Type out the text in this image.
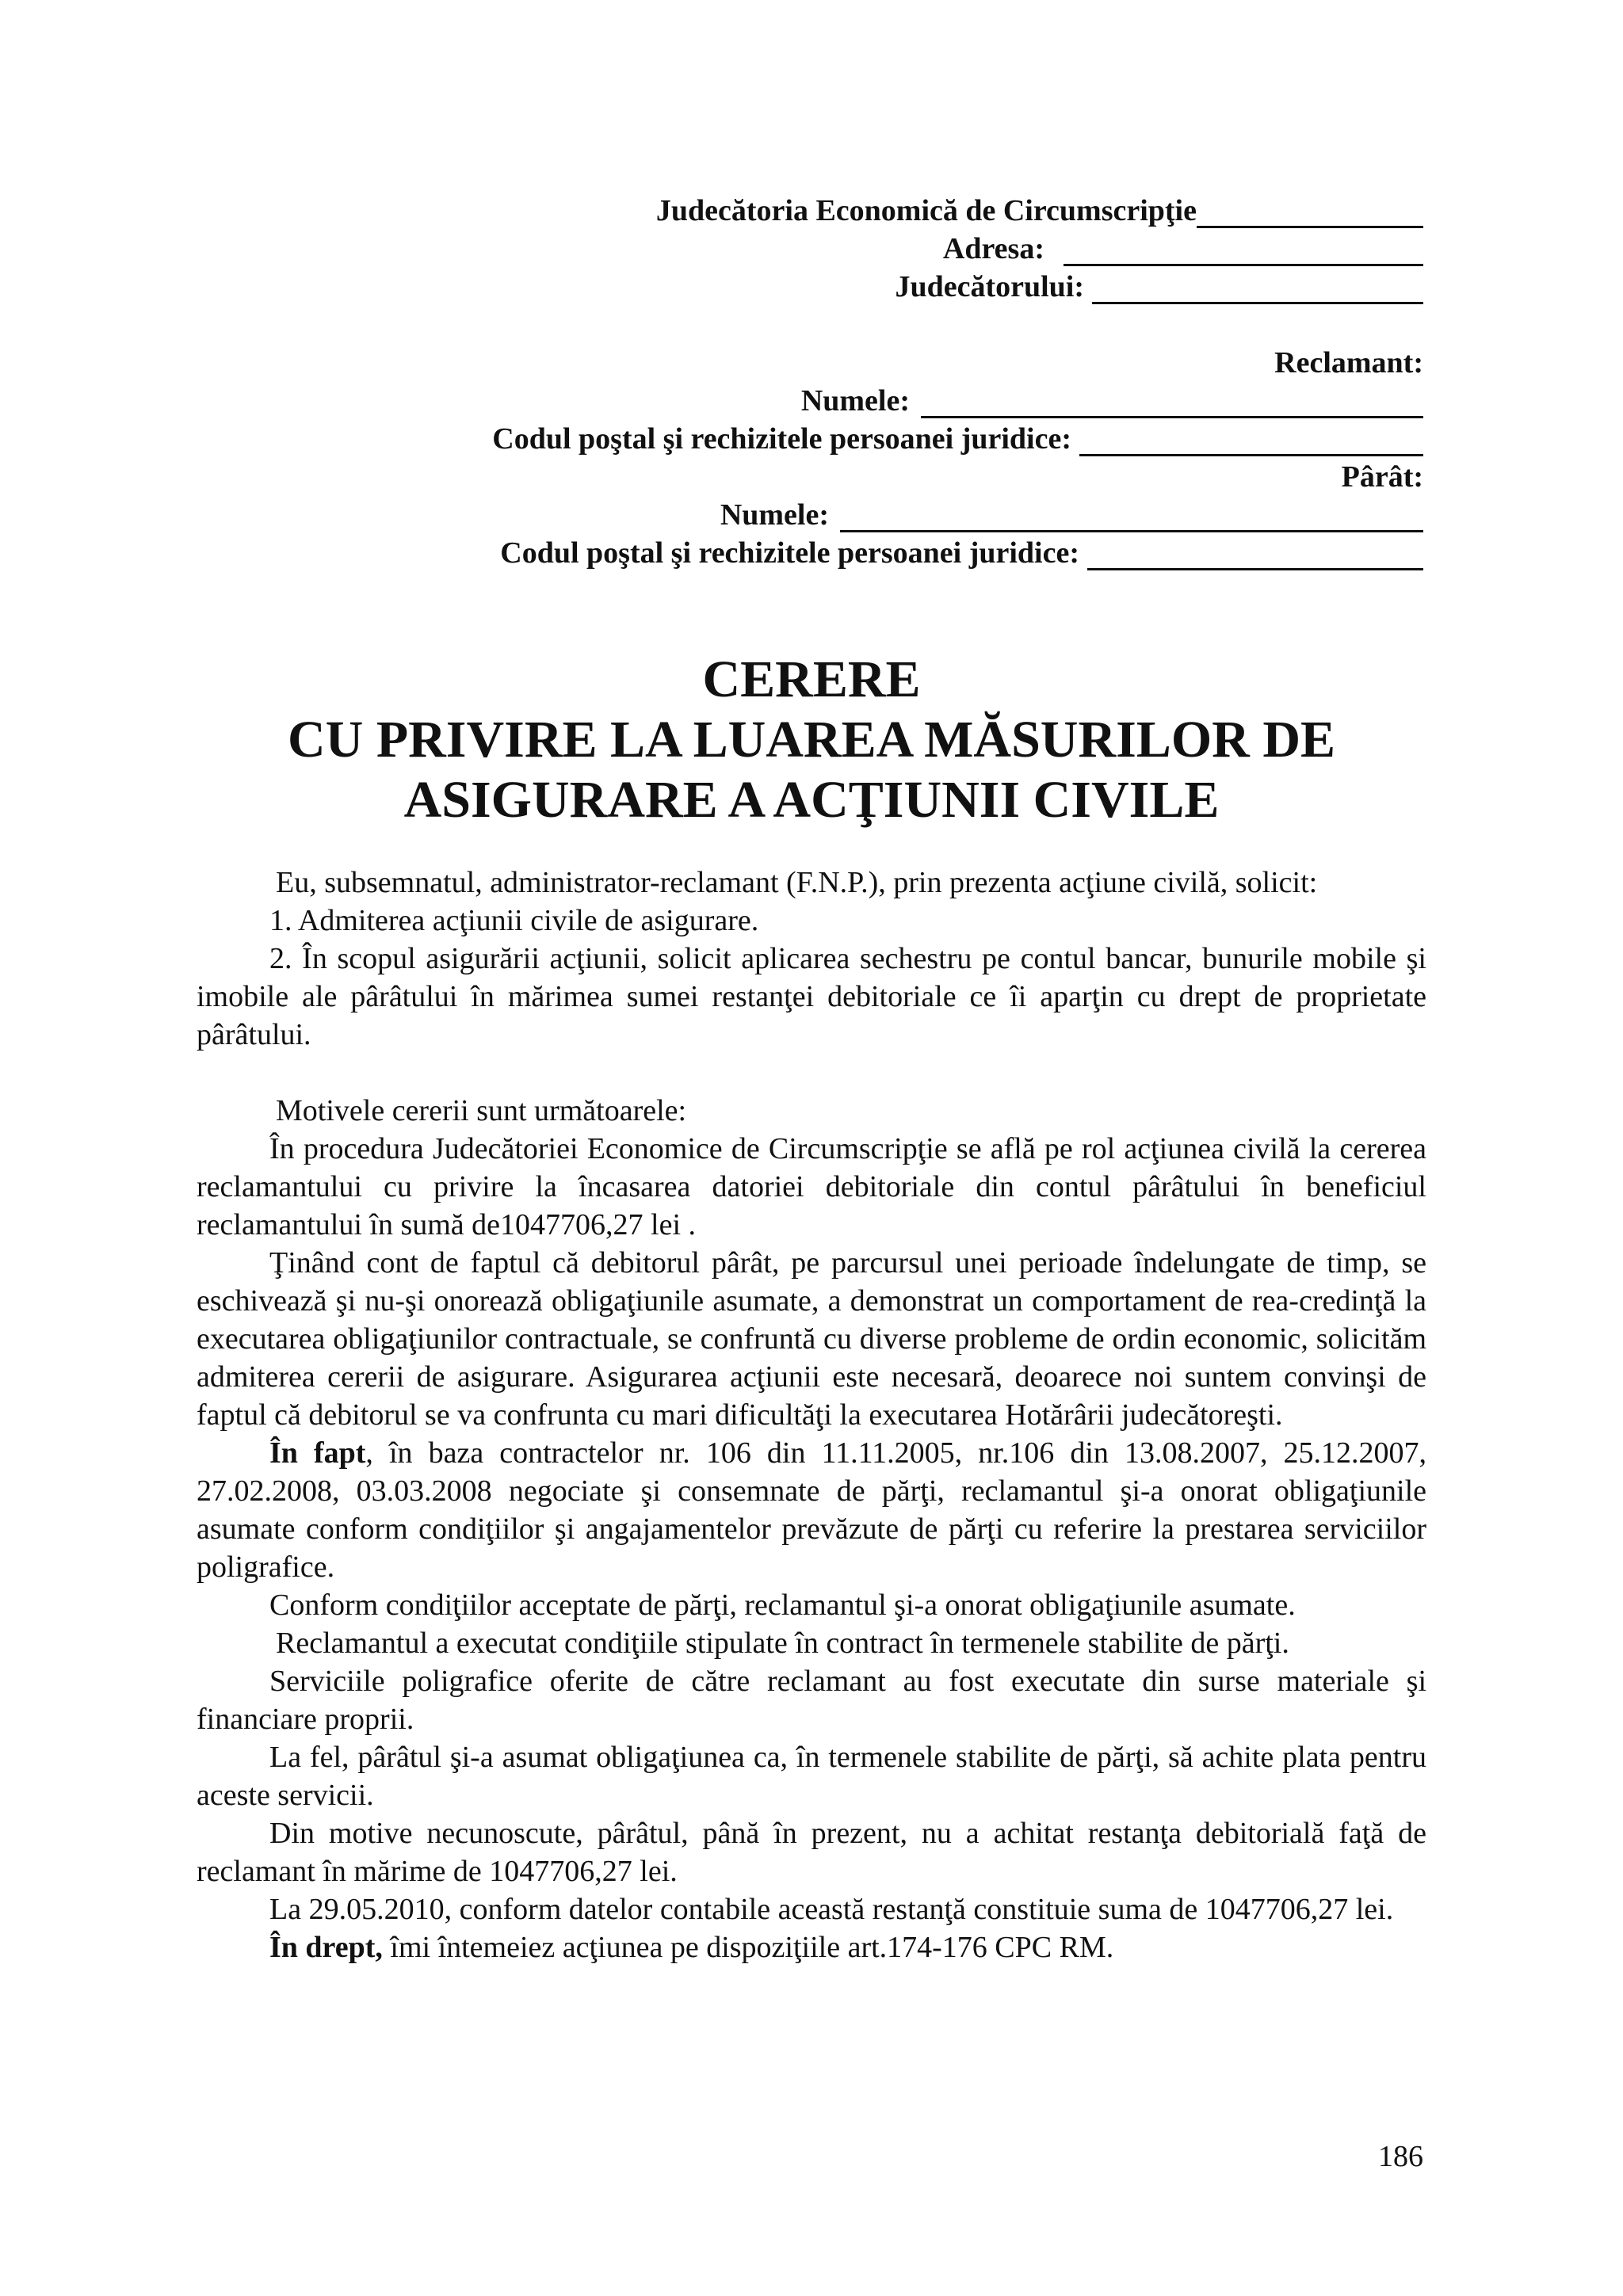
Judecătoria Economică de Circumscripţie
Adresa:
Judecătorului:
Reclamant:
Numele:
Codul poştal şi rechizitele persoanei juridice:
Pârât:
Numele:
Codul poştal şi rechizitele persoanei juridice:
CERERE
CU PRIVIRE LA LUAREA MĂSURILOR DE
ASIGURARE A ACŢIUNII CIVILE

Eu, subsemnatul, administrator-reclamant (F.N.P.), prin prezenta acţiune civilă, solicit:

1. Admiterea acţiunii civile de asigurare.

2. În scopul asigurării acţiunii, solicit aplicarea sechestru pe contul bancar, bunurile mobile şi imobile ale pârâtului în mărimea sumei restanţei debitoriale ce îi aparţin cu drept de proprietate pârâtului.

Motivele cererii sunt următoarele:

În procedura Judecătoriei Economice de Circumscripţie se află pe rol acţiunea civilă la cererea reclamantului cu privire la încasarea datoriei debitoriale din contul pârâtului în beneficiul reclamantului în sumă de1047706,27 lei .

Ţinând cont de faptul că debitorul pârât, pe parcursul unei perioade îndelungate de timp, se eschivează şi nu-şi onorează obligaţiunile asumate, a demonstrat un comportament de rea-credinţă la executarea obligaţiunilor contractuale, se confruntă cu diverse probleme de ordin economic, solicităm admiterea cererii de asigurare. Asigurarea acţiunii este necesară, deoarece noi suntem convinşi de faptul că debitorul se va confrunta cu mari dificultăţi la executarea Hotărârii judecătoreşti.

În fapt, în baza contractelor nr. 106 din 11.11.2005, nr.106 din 13.08.2007, 25.12.2007, 27.02.2008, 03.03.2008 negociate şi consemnate de părţi, reclamantul şi-a onorat obligaţiunile asumate conform condiţiilor şi angajamentelor prevăzute de părţi cu referire la prestarea serviciilor poligrafice.

Conform condiţiilor acceptate de părţi, reclamantul şi-a onorat obligaţiunile asumate.

Reclamantul a executat condiţiile stipulate în contract în termenele stabilite de părţi.

Serviciile poligrafice oferite de către reclamant au fost executate din surse materiale şi financiare proprii.

La fel, pârâtul şi-a asumat obligaţiunea ca, în termenele stabilite de părţi, să achite plata pentru aceste servicii.

Din motive necunoscute, pârâtul, până în prezent, nu a achitat restanţa debitorială faţă de reclamant în mărime de 1047706,27 lei.

La 29.05.2010, conform datelor contabile această restanţă constituie suma de 1047706,27 lei.

În drept, îmi întemeiez acţiunea pe dispoziţiile art.174-176 CPC RM.

186
